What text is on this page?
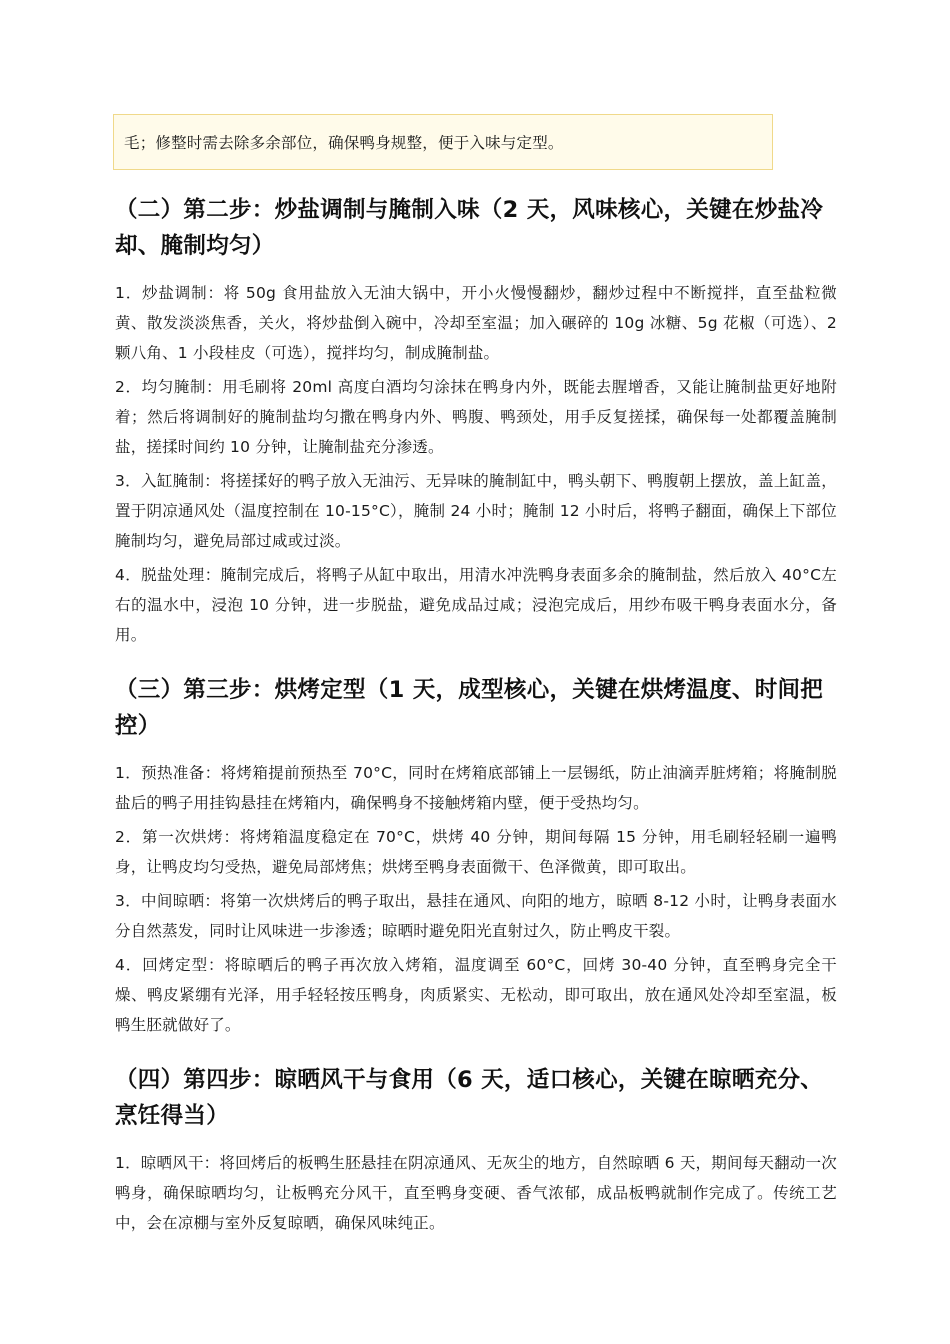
毛；修整时需去除多余部位，确保鸭身规整，便于入味与定型。
（二）第二步：炒盐调制与腌制入味（2 天，风味核心，关键在炒盐冷却、腌制均匀）

1．炒盐调制：将 50g 食用盐放入无油大锅中，开小火慢慢翻炒，翻炒过程中不断搅拌，直至盐粒微黄、散发淡淡焦香，关火，将炒盐倒入碗中，冷却至室温；加入碾碎的 10g 冰糖、5g 花椒（可选）、2 颗八角、1 小段桂皮（可选），搅拌均匀，制成腌制盐。

2．均匀腌制：用毛刷将 20ml 高度白酒均匀涂抹在鸭身内外，既能去腥增香，又能让腌制盐更好地附着；然后将调制好的腌制盐均匀撒在鸭身内外、鸭腹、鸭颈处，用手反复搓揉，确保每一处都覆盖腌制盐，搓揉时间约 10 分钟，让腌制盐充分渗透。

3．入缸腌制：将搓揉好的鸭子放入无油污、无异味的腌制缸中，鸭头朝下、鸭腹朝上摆放，盖上缸盖，置于阴凉通风处（温度控制在 10-15°C），腌制 24 小时；腌制 12 小时后，将鸭子翻面，确保上下部位腌制均匀，避免局部过咸或过淡。

4．脱盐处理：腌制完成后，将鸭子从缸中取出，用清水冲洗鸭身表面多余的腌制盐，然后放入 40°C左右的温水中，浸泡 10 分钟，进一步脱盐，避免成品过咸；浸泡完成后，用纱布吸干鸭身表面水分，备用。

（三）第三步：烘烤定型（1 天，成型核心，关键在烘烤温度、时间把控）

1．预热准备：将烤箱提前预热至 70°C，同时在烤箱底部铺上一层锡纸，防止油滴弄脏烤箱；将腌制脱盐后的鸭子用挂钩悬挂在烤箱内，确保鸭身不接触烤箱内壁，便于受热均匀。

2．第一次烘烤：将烤箱温度稳定在 70°C，烘烤 40 分钟，期间每隔 15 分钟，用毛刷轻轻刷一遍鸭身，让鸭皮均匀受热，避免局部烤焦；烘烤至鸭身表面微干、色泽微黄，即可取出。

3．中间晾晒：将第一次烘烤后的鸭子取出，悬挂在通风、向阳的地方，晾晒 8-12 小时，让鸭身表面水分自然蒸发，同时让风味进一步渗透；晾晒时避免阳光直射过久，防止鸭皮干裂。

4．回烤定型：将晾晒后的鸭子再次放入烤箱，温度调至 60°C，回烤 30-40 分钟，直至鸭身完全干燥、鸭皮紧绷有光泽，用手轻轻按压鸭身，肉质紧实、无松动，即可取出，放在通风处冷却至室温，板鸭生胚就做好了。

（四）第四步：晾晒风干与食用（6 天，适口核心，关键在晾晒充分、烹饪得当）

1．晾晒风干：将回烤后的板鸭生胚悬挂在阴凉通风、无灰尘的地方，自然晾晒 6 天，期间每天翻动一次鸭身，确保晾晒均匀，让板鸭充分风干，直至鸭身变硬、香气浓郁，成品板鸭就制作完成了。传统工艺中，会在凉棚与室外反复晾晒，确保风味纯正。
